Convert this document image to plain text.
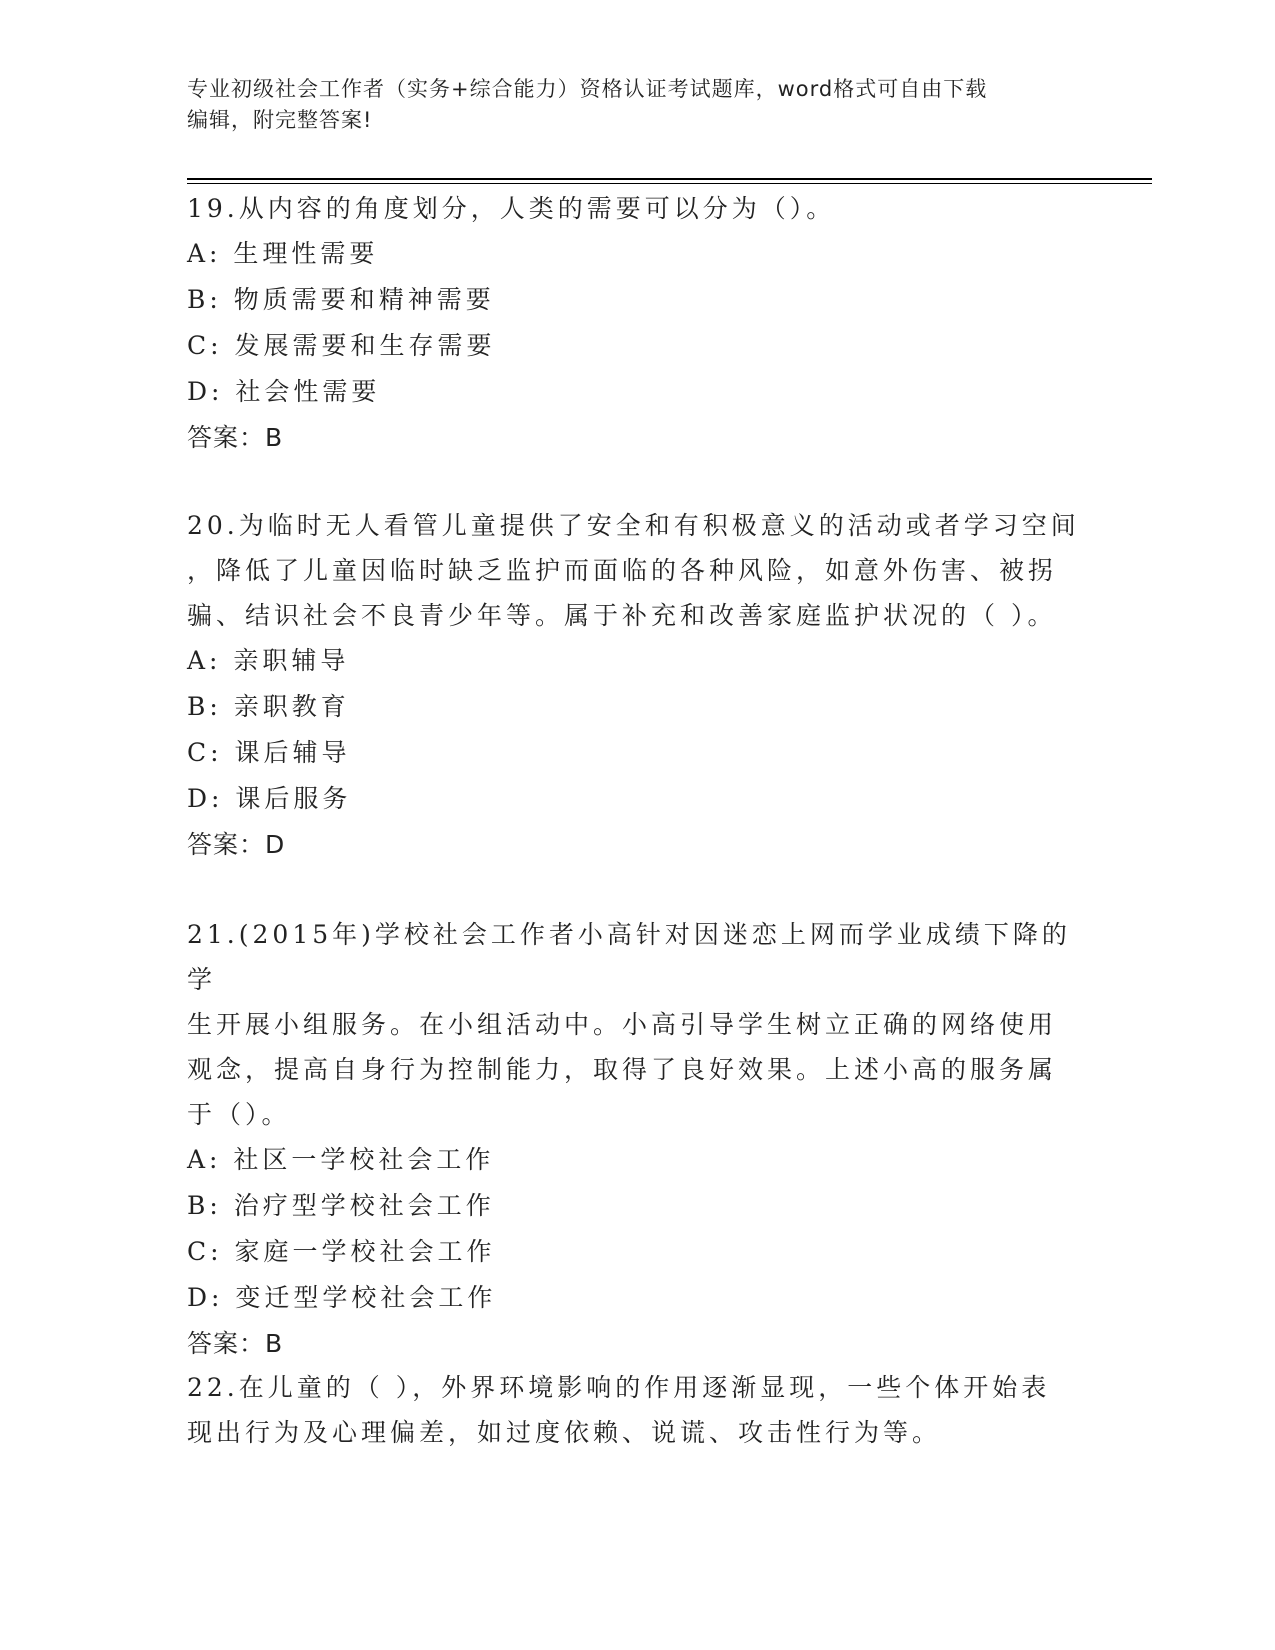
专业初级社会工作者（实务+综合能力）资格认证考试题库，word格式可自由下载
编辑，附完整答案!

19.从内容的角度划分，人类的需要可以分为（）。

A: 生理性需要

B: 物质需要和精神需要

C: 发展需要和生存需要

D: 社会性需要

答案：B

20.为临时无人看管儿童提供了安全和有积极意义的活动或者学习空间

，降低了儿童因临时缺乏监护而面临的各种风险，如意外伤害、被拐

骗、结识社会不良青少年等。属于补充和改善家庭监护状况的（ ）。

A: 亲职辅导

B: 亲职教育

C: 课后辅导

D: 课后服务

答案：D

21.(2015年)学校社会工作者小高针对因迷恋上网而学业成绩下降的学

生开展小组服务。在小组活动中。小高引导学生树立正确的网络使用

观念，提高自身行为控制能力，取得了良好效果。上述小高的服务属

于（）。

A: 社区一学校社会工作

B: 治疗型学校社会工作

C: 家庭一学校社会工作

D: 变迁型学校社会工作

答案：B

22.在儿童的（ ），外界环境影响的作用逐渐显现，一些个体开始表

现出行为及心理偏差，如过度依赖、说谎、攻击性行为等。
